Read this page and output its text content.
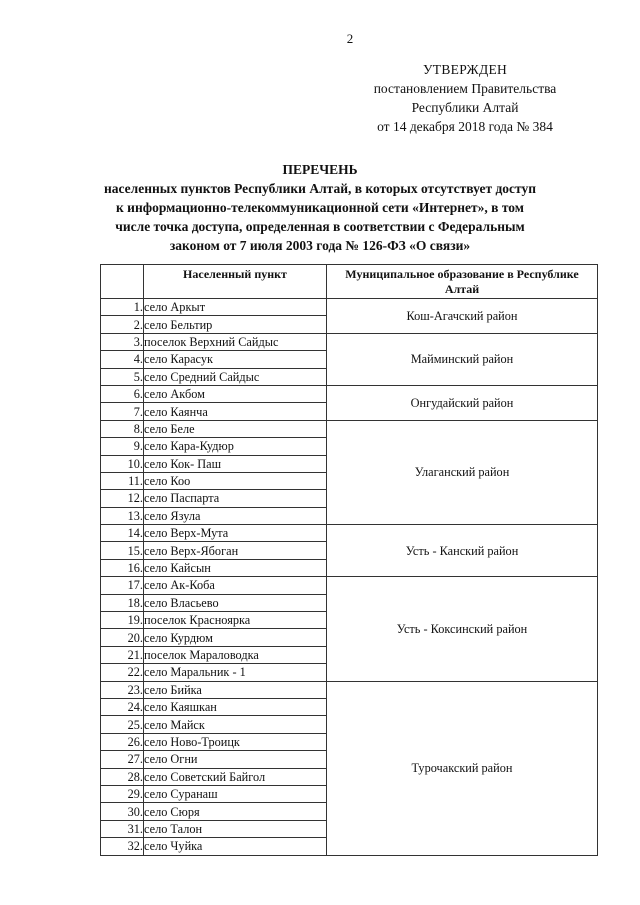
2
УТВЕРЖДЕН
постановлением Правительства
Республики Алтай
от 14 декабря 2018 года № 384
ПЕРЕЧЕНЬ
населенных пунктов Республики Алтай, в которых отсутствует доступ
к информационно-телекоммуникационной сети «Интернет», в том
числе точка доступа, определенная в соответствии с Федеральным
законом от 7 июля 2003 года № 126-ФЗ «О связи»
	Населенный пункт	Муниципальное образование в Республике Алтай
1.	село Аркыт	Кош-Агачский район
2.	село Бельтир	
3.	поселок Верхний Сайдыс	Майминский район
4.	село Карасук	
5.	село Средний Сайдыс	
6.	село Акбом	Онгудайский район
7.	село Каянча	
8.	село Беле	Улаганский район
9.	село Кара-Кудюр	
10.	село Кок- Паш	
11.	село Коо	
12.	село Паспарта	
13.	село Язула	
14.	село Верх-Мута	Усть - Канский район
15.	село Верх-Ябоган	
16.	село Кайсын	
17.	село Ак-Коба	Усть - Коксинский район
18.	село Власьево	
19.	поселок Красноярка	
20.	село Курдюм	
21.	поселок Мараловодка	
22.	село Маральник - 1	
23.	село Бийка	Турочакский район
24.	село Каяшкан	
25.	село Майск	
26.	село Ново-Троицк	
27.	село Огни	
28.	село Советский Байгол	
29.	село Суранаш	
30.	село Сюря	
31.	село Талон	
32.	село Чуйка	
